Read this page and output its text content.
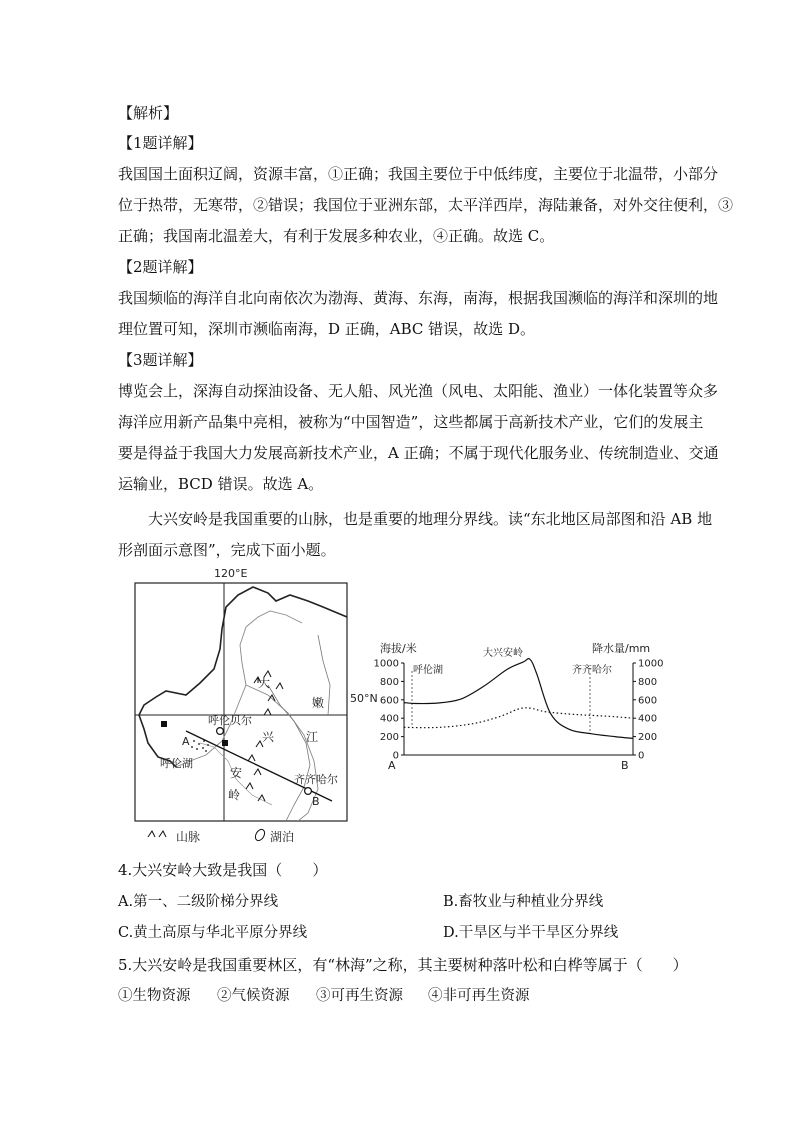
【解析】
【1题详解】
我国国土面积辽阔，资源丰富，①正确；我国主要位于中低纬度，主要位于北温带，小部分
位于热带，无寒带，②错误；我国位于亚洲东部，太平洋西岸，海陆兼备，对外交往便利，③
正确；我国南北温差大，有利于发展多种农业，④正确。故选 C。
【2题详解】
我国频临的海洋自北向南依次为渤海、黄海、东海，南海，根据我国濒临的海洋和深圳的地
理位置可知，深圳市濒临南海，D 正确，ABC 错误，故选 D。
【3题详解】
博览会上，深海自动探油设备、无人船、风光渔（风电、太阳能、渔业）一体化装置等众多
海洋应用新产品集中亮相，被称为“中国智造”，这些都属于高新技术产业，它们的发展主
要是得益于我国大力发展高新技术产业，A 正确；不属于现代化服务业、传统制造业、交通
运输业，BCD 错误。故选 A。
大兴安岭是我国重要的山脉，也是重要的地理分界线。读“东北地区局部图和沿 AB 地
形剖面示意图”，完成下面小题。
120°E
50°N
大
嫩
呼伦贝尔
兴	江
A
呼伦湖
安	齐齐哈尔
岭	B
山脉	湖泊
海拔/米	降水量/mm
1000
800
600
400
200
0
1000
800
600
400
200
0
A	B
呼伦湖
大兴安岭
齐齐哈尔
4.大兴安岭大致是我国（　　）
A.第一、二级阶梯分界线	B.畜牧业与种植业分界线
C.黄土高原与华北平原分界线	D.干旱区与半干旱区分界线
5.大兴安岭是我国重要林区，有“林海”之称，其主要树种落叶松和白桦等属于（　　）
①生物资源 ②气候资源 ③可再生资源 ④非可再生资源
